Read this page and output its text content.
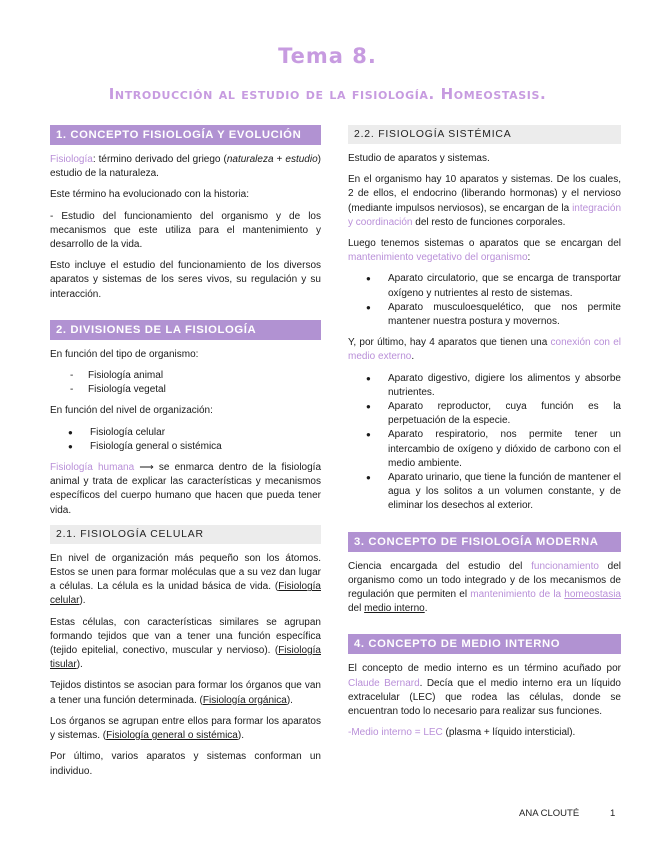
Tema 8.
Introducción al estudio de la fisiología. Homeostasis.
1. CONCEPTO FISIOLOGÍA Y EVOLUCIÓN

Fisiología: término derivado del griego (naturaleza + estudio) estudio de la naturaleza.

Este término ha evolucionado con la historia:

- Estudio del funcionamiento del organismo y de los mecanismos que este utiliza para el mantenimiento y desarrollo de la vida.

Esto incluye el estudio del funcionamiento de los diversos aparatos y sistemas de los seres vivos, su regulación y su interacción.

2. DIVISIONES DE LA FISIOLOGÍA

En función del tipo de organismo:

- Fisiología animal
- Fisiología vegetal

En función del nivel de organización:

● Fisiología celular
● Fisiología general o sistémica

Fisiología humana ⟶ se enmarca dentro de la fisiología animal y trata de explicar las características y mecanismos específicos del cuerpo humano que hacen que pueda tener vida.

2.1. FISIOLOGÍA CELULAR

En nivel de organización más pequeño son los átomos. Estos se unen para formar moléculas que a su vez dan lugar a células. La célula es la unidad básica de vida. (Fisiología celular).

Estas células, con características similares se agrupan formando tejidos que van a tener una función específica (tejido epitelial, conectivo, muscular y nervioso). (Fisiología tisular).

Tejidos distintos se asocian para formar los órganos que van a tener una función determinada. (Fisiología orgánica).

Los órganos se agrupan entre ellos para formar los aparatos y sistemas. (Fisiología general o sistémica).

Por último, varios aparatos y sistemas conforman un individuo.

2.2. FISIOLOGÍA SISTÉMICA

Estudio de aparatos y sistemas.

En el organismo hay 10 aparatos y sistemas. De los cuales, 2 de ellos, el endocrino (liberando hormonas) y el nervioso (mediante impulsos nerviosos), se encargan de la integración y coordinación del resto de funciones corporales.

Luego tenemos sistemas o aparatos que se encargan del mantenimiento vegetativo del organismo:

● Aparato circulatorio, que se encarga de transportar oxígeno y nutrientes al resto de sistemas.
● Aparato musculoesquelético, que nos permite mantener nuestra postura y movernos.

Y, por último, hay 4 aparatos que tienen una conexión con el medio externo.

● Aparato digestivo, digiere los alimentos y absorbe nutrientes.
● Aparato reproductor, cuya función es la perpetuación de la especie.
● Aparato respiratorio, nos permite tener un intercambio de oxígeno y dióxido de carbono con el medio ambiente.
● Aparato urinario, que tiene la función de mantener el agua y los solitos a un volumen constante, y de eliminar los desechos al exterior.
3. CONCEPTO DE FISIOLOGÍA MODERNA

Ciencia encargada del estudio del funcionamiento del organismo como un todo integrado y de los mecanismos de regulación que permiten el mantenimiento de la homeostasia del medio interno.

4. CONCEPTO DE MEDIO INTERNO

El concepto de medio interno es un término acuñado por Claude Bernard. Decía que el medio interno era un líquido extracelular (LEC) que rodea las células, donde se encuentran todo lo necesario para realizar sus funciones.

-Medio interno = LEC (plasma + líquido intersticial).

ANA CLOUTÉ	1
